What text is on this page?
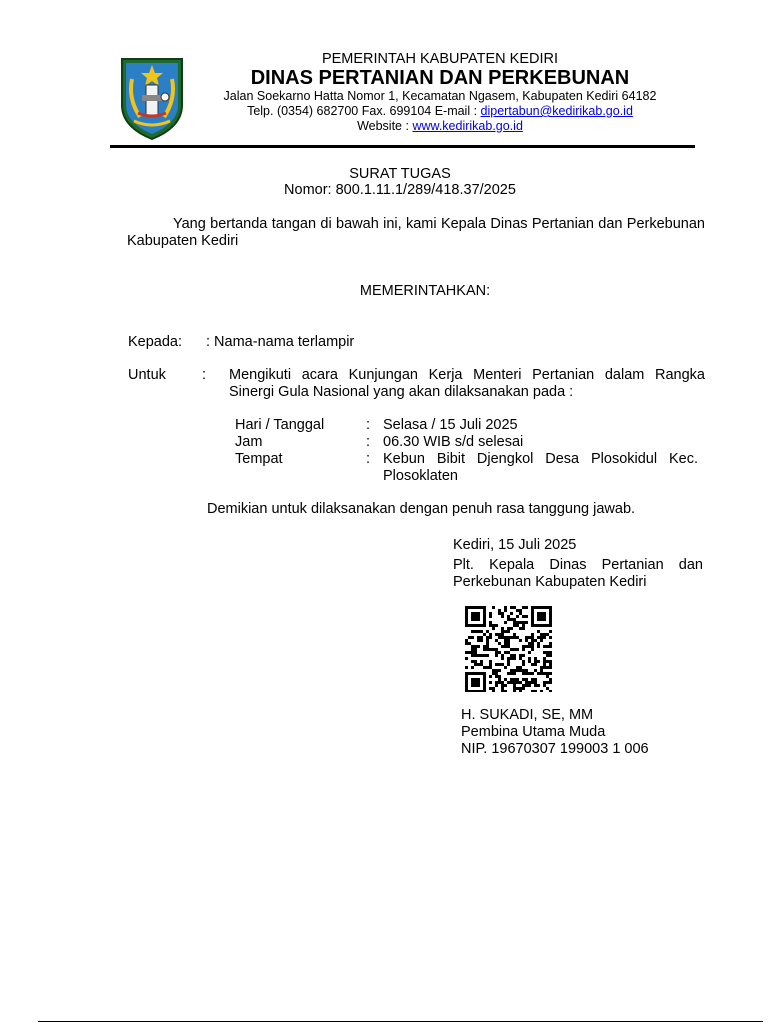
PEMERINTAH KABUPATEN KEDIRI
DINAS PERTANIAN DAN PERKEBUNAN
Jalan Soekarno Hatta Nomor 1, Kecamatan Ngasem, Kabupaten Kediri 64182
Telp. (0354) 682700 Fax. 699104 E-mail : dipertabun@kedirikab.go.id
Website : www.kedirikab.go.id
SURAT TUGAS
Nomor: 800.1.11.1/289/418.37/2025
Yang bertanda tangan di bawah ini, kami Kepala Dinas Pertanian dan Perkebunan Kabupaten Kediri
MEMERINTAHKAN:
Kepada: : Nama-nama terlampir
Untuk : Mengikuti acara Kunjungan Kerja Menteri Pertanian dalam Rangka Sinergi Gula Nasional yang akan dilaksanakan pada :
Hari / Tanggal	: Selasa / 15 Juli 2025
Jam	: 06.30 WIB s/d selesai
Tempat	: Kebun Bibit Djengkol Desa Plosokidul Kec. Plosoklaten
Demikian untuk dilaksanakan dengan penuh rasa tanggung jawab.
Kediri, 15 Juli 2025
Plt. Kepala Dinas Pertanian dan Perkebunan Kabupaten Kediri
H. SUKADI, SE, MM
Pembina Utama Muda
NIP. 19670307 199003 1 006
